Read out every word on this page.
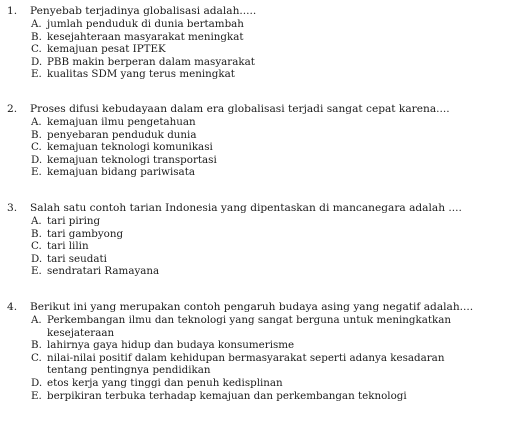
1. Penyebab terjadinya globalisasi adalah.....
A. jumlah penduduk di dunia bertambah
B. kesejahteraan masyarakat meningkat
C. kemajuan pesat IPTEK
D. PBB makin berperan dalam masyarakat
E. kualitas SDM yang terus meningkat
2. Proses difusi kebudayaan dalam era globalisasi terjadi sangat cepat karena....
A. kemajuan ilmu pengetahuan
B. penyebaran penduduk dunia
C. kemajuan teknologi komunikasi
D. kemajuan teknologi transportasi
E. kemajuan bidang pariwisata
3. Salah satu contoh tarian Indonesia yang dipentaskan di mancanegara adalah ....
A. tari piring
B. tari gambyong
C. tari lilin
D. tari seudati
E. sendratari Ramayana
4. Berikut ini yang merupakan contoh pengaruh budaya asing yang negatif adalah....
A. Perkembangan ilmu dan teknologi yang sangat berguna untuk meningkatkan
kesejateraan
B. lahirnya gaya hidup dan budaya konsumerisme
C. nilai-nilai positif dalam kehidupan bermasyarakat seperti adanya kesadaran
tentang pentingnya pendidikan
D. etos kerja yang tinggi dan penuh kedisplinan
E. berpikiran terbuka terhadap kemajuan dan perkembangan teknologi
